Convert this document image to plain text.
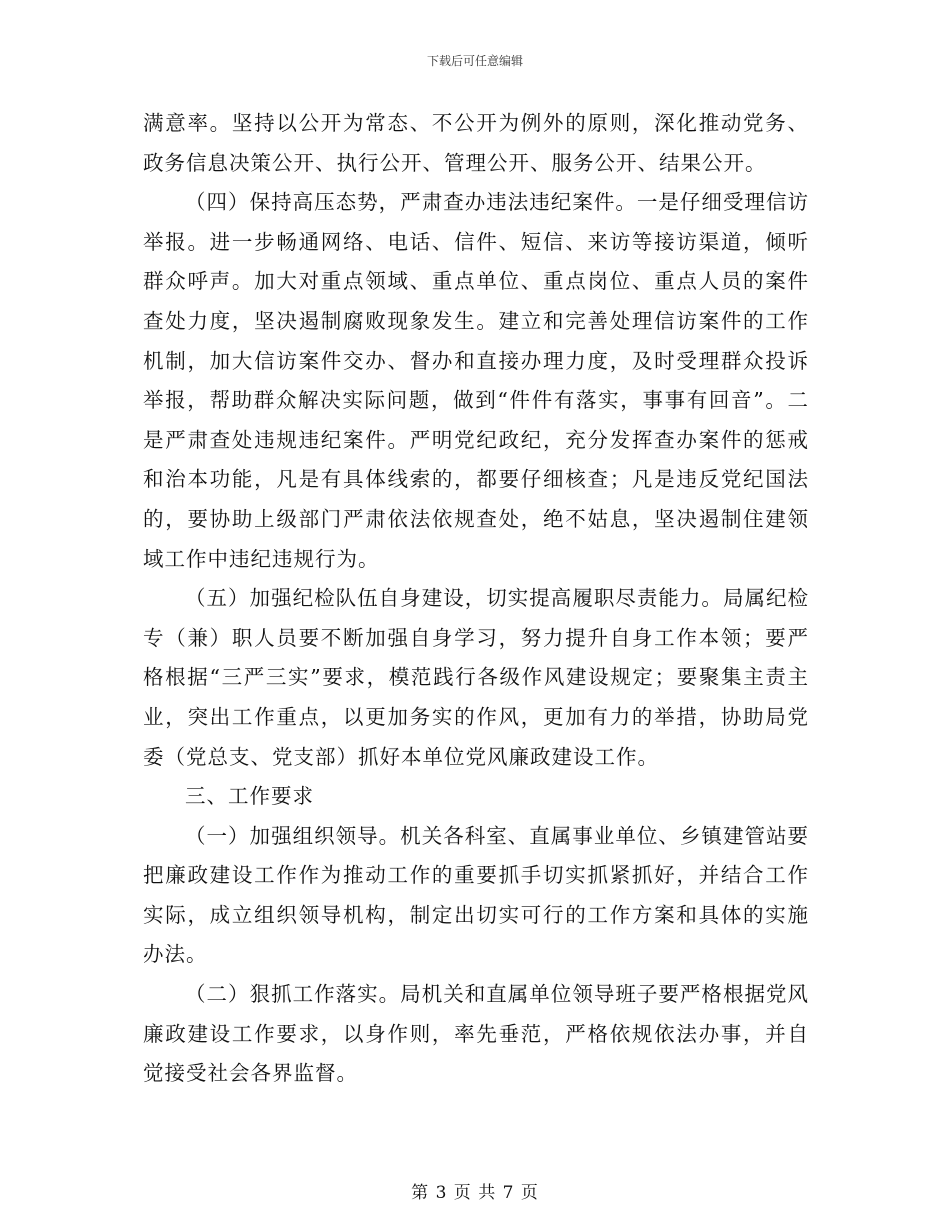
下载后可任意编辑

满意率。坚持以公开为常态、不公开为例外的原则，深化推动党务、政务信息决策公开、执行公开、管理公开、服务公开、结果公开。

（四）保持高压态势，严肃查办违法违纪案件。一是仔细受理信访举报。进一步畅通网络、电话、信件、短信、来访等接访渠道，倾听群众呼声。加大对重点领域、重点单位、重点岗位、重点人员的案件查处力度，坚决遏制腐败现象发生。建立和完善处理信访案件的工作机制，加大信访案件交办、督办和直接办理力度，及时受理群众投诉举报，帮助群众解决实际问题，做到“件件有落实，事事有回音”。二是严肃查处违规违纪案件。严明党纪政纪，充分发挥查办案件的惩戒和治本功能，凡是有具体线索的，都要仔细核查；凡是违反党纪国法的，要协助上级部门严肃依法依规查处，绝不姑息，坚决遏制住建领域工作中违纪违规行为。

（五）加强纪检队伍自身建设，切实提高履职尽责能力。局属纪检专（兼）职人员要不断加强自身学习，努力提升自身工作本领；要严格根据“三严三实”要求，模范践行各级作风建设规定；要聚集主责主业，突出工作重点，以更加务实的作风，更加有力的举措，协助局党委（党总支、党支部）抓好本单位党风廉政建设工作。

三、工作要求

（一）加强组织领导。机关各科室、直属事业单位、乡镇建管站要把廉政建设工作作为推动工作的重要抓手切实抓紧抓好，并结合工作实际，成立组织领导机构，制定出切实可行的工作方案和具体的实施办法。

（二）狠抓工作落实。局机关和直属单位领导班子要严格根据党风廉政建设工作要求，以身作则，率先垂范，严格依规依法办事，并自觉接受社会各界监督。

第 3 页 共 7 页
